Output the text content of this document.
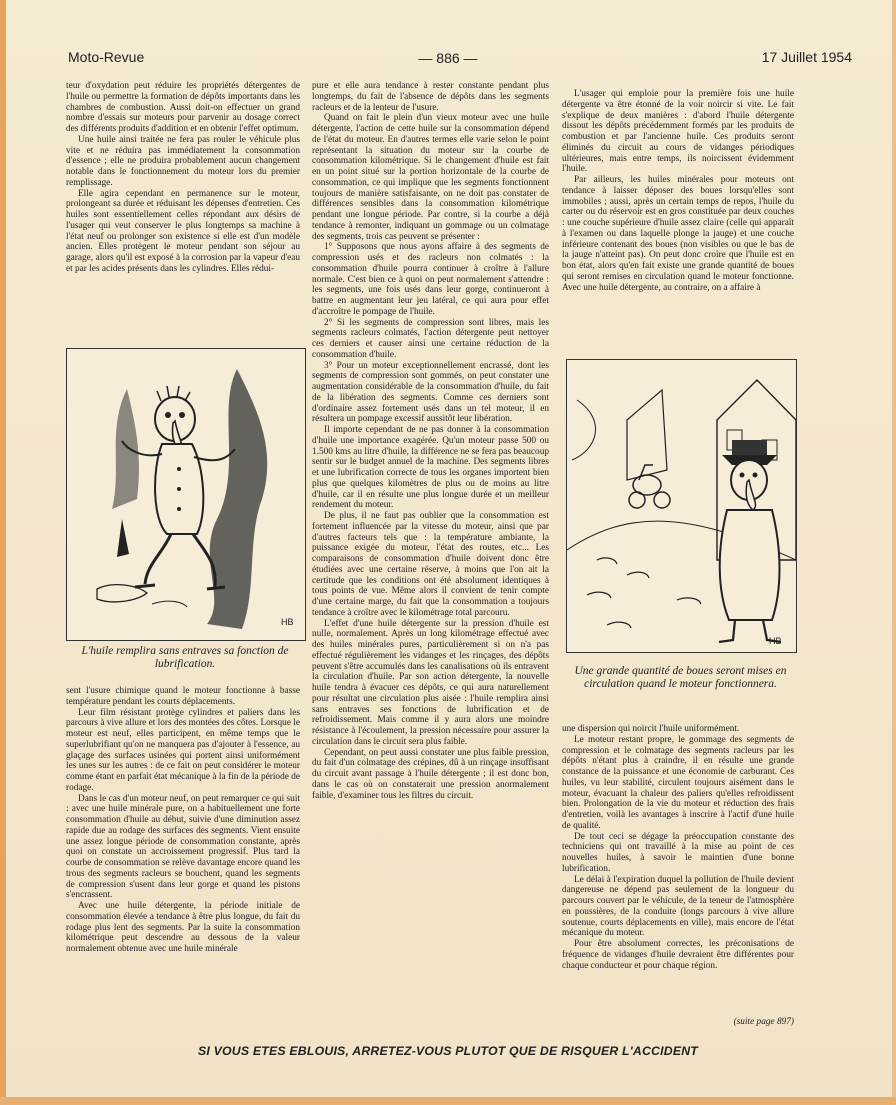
Moto-Revue	— 886 —	17 Juillet 1954

teur d'oxydation peut réduire les propriétés détergentes de l'huile ou permettre la formation de dépôts importants dans les chambres de combustion. Aussi doit-on effectuer un grand nombre d'essais sur moteurs pour parvenir au dosage correct des différents produits d'addition et en obtenir l'effet optimum.

Une huile ainsi traitée ne fera pas rouler le véhicule plus vite et ne réduira pas immédiatement la consommation d'essence ; elle ne produira probablement aucun changement notable dans le fonctionnement du moteur lors du premier remplissage.

Elle agira cependant en permanence sur le moteur, prolongeant sa durée et réduisant les dépenses d'entretien. Ces huiles sont essentiellement celles répondant aux désirs de l'usager qui veut conserver le plus longtemps sa machine à l'état neuf ou prolonger son existence si elle est d'un modèle ancien. Elles protègent le moteur pendant son séjour au garage, alors qu'il est exposé à la corrosion par la vapeur d'eau et par les acides présents dans les cylindres. Elles rédui-

HB
L'huile remplira sans entraves sa fonction de lubrification.

sent l'usure chimique quand le moteur fonctionne à basse température pendant les courts déplacements.

Leur film résistant protège cylindres et paliers dans les parcours à vive allure et lors des montées des côtes. Lorsque le moteur est neuf, elles participent, en même temps que le superlubrifiant qu'on ne manquera pas d'ajouter à l'essence, au glaçage des surfaces usinées qui portent ainsi uniformément les unes sur les autres : de ce fait on peut considérer le moteur comme étant en parfait état mécanique à la fin de la période de rodage.

Dans le cas d'un moteur neuf, on peut remarquer ce qui suit : avec une huile minérale pure, on a habituellement une forte consommation d'huile au début, suivie d'une diminution assez rapide due au rodage des surfaces des segments. Vient ensuite une assez longue période de consommation constante, après quoi on constate un accroissement progressif. Plus tard la courbe de consommation se relève davantage encore quand les trous des segments racleurs se bouchent, quand les segments de compression s'usent dans leur gorge et quand les pistons s'encrassent.

Avec une huile détergente, la période initiale de consommation élevée a tendance à être plus longue, du fait du rodage plus lent des segments. Par la suite la consommation kilométrique peut descendre au dessous de la valeur normalement obtenue avec une huile minérale

pure et elle aura tendance à rester constante pendant plus longtemps, du fait de l'absence de dépôts dans les segments racleurs et de la lenteur de l'usure.

Quand on fait le plein d'un vieux moteur avec une huile détergente, l'action de cette huile sur la consommation dépend de l'état du moteur. En d'autres termes elle varie selon le point représentant la situation du moteur sur la courbe de consommation kilométrique. Si le changement d'huile est fait en un point situé sur la portion horizontale de la courbe de consommation, ce qui implique que les segments fonctionnent toujours de manière satisfaisante, on ne doit pas constater de différences sensibles dans la consommation kilométrique pendant une longue période. Par contre, si la courbe a déjà tendance à remonter, indiquant un gommage ou un colmatage des segments, trois cas peuvent se présenter :

1° Supposons que nous ayons affaire à des segments de compression usés et des racleurs non colmatés : la consommation d'huile pourra continuer à croître à l'allure normale. C'est bien ce à quoi on peut normalement s'attendre : les segments, une fois usés dans leur gorge, continueront à battre en augmentant leur jeu latéral, ce qui aura pour effet d'accroître le pompage de l'huile.

2° Si les segments de compression sont libres, mais les segments racleurs colmatés, l'action détergente peut nettoyer ces derniers et causer ainsi une certaine réduction de la consommation d'huile.

3° Pour un moteur exceptionnellement encrassé, dont les segments de compression sont gommés, on peut constater une augmentation considérable de la consommation d'huile, du fait de la libération des segments. Comme ces derniers sont d'ordinaire assez fortement usés dans un tel moteur, il en résultera un pompage excessif aussitôt leur libération.

Il importe cependant de ne pas donner à la consommation d'huile une importance exagérée. Qu'un moteur passe 500 ou 1.500 kms au litre d'huile, la différence ne se fera pas beaucoup sentir sur le budget annuel de la machine. Des segments libres et une lubrification correcte de tous les organes importent bien plus que quelques kilomètres de plus ou de moins au litre d'huile, car il en résulte une plus longue durée et un meilleur rendement du moteur.

De plus, il ne faut pas oublier que la consommation est fortement influencée par la vitesse du moteur, ainsi que par d'autres facteurs tels que : la température ambiante, la puissance exigée du moteur, l'état des routes, etc... Les comparaisons de consommation d'huile doivent donc être étudiées avec une certaine réserve, à moins que l'on ait la certitude que les conditions ont été absolument identiques à tous points de vue. Même alors il convient de tenir compte d'une certaine marge, du fait que la consommation a toujours tendance à croître avec le kilométrage total parcouru.

L'effet d'une huile détergente sur la pression d'huile est nulle, normalement. Après un long kilométrage effectué avec des huiles minérales pures, particulièrement si on n'a pas effectué régulièrement les vidanges et les rinçages, des dépôts peuvent s'être accumulés dans les canalisations où ils entravent la circulation d'huile. Par son action détergente, la nouvelle huile tendra à évacuer ces dépôts, ce qui aura naturellement pour résultat une circulation plus aisée : l'huile remplira ainsi sans entraves ses fonctions de lubrification et de refroidissement. Mais comme il y aura alors une moindre résistance à l'écoulement, la pression nécessaire pour assurer la circulation dans le circuit sera plus faible.

Cependant, on peut aussi constater une plus faible pression, du fait d'un colmatage des crépines, dû à un rinçage insuffisant du circuit avant passage à l'huile détergente ; il est donc bon, dans le cas où on constaterait une pression anormalement faible, d'examiner tous les filtres du circuit.

L'usager qui emploie pour la première fois une huile détergente va être étonné de la voir noircir si vite. Le fait s'explique de deux manières : d'abord l'huile détergente dissout les dépôts précédemment formés par les produits de combustion et par l'ancienne huile. Ces produits seront éliminés du circuit au cours de vidanges périodiques ultérieures, mais entre temps, ils noircissent évidemment l'huile.

Par ailleurs, les huiles minérales pour moteurs ont tendance à laisser déposer des boues lorsqu'elles sont immobiles ; aussi, après un certain temps de repos, l'huile du carter ou du réservoir est en gros constituée par deux couches : une couche supérieure d'huile assez claire (celle qui apparaît à l'examen ou dans laquelle plonge la jauge) et une couche inférieure contenant des boues (non visibles ou que le bas de la jauge n'atteint pas). On peut donc croire que l'huile est en bon état, alors qu'en fait existe une grande quantité de boues qui seront remises en circulation quand le moteur fonctionne. Avec une huile détergente, au contraire, on a affaire à

HB
Une grande quantité de boues seront mises en circulation quand le moteur fonctionnera.

une dispersion qui noircit l'huile uniformément.

Le moteur restant propre, le gommage des segments de compression et le colmatage des segments racleurs par les dépôts n'étant plus à craindre, il en résulte une grande constance de la puissance et une économie de carburant. Ces huiles, vu leur stabilité, circulent toujours aisément dans le moteur, évacuant la chaleur des paliers qu'elles refroidissent bien. Prolongation de la vie du moteur et réduction des frais d'entretien, voilà les avantages à inscrire à l'actif d'une huile de qualité.

De tout ceci se dégage la préoccupation constante des techniciens qui ont travaillé à la mise au point de ces nouvelles huiles, à savoir le maintien d'une bonne lubrification.

Le délai à l'expiration duquel la pollution de l'huile devient dangereuse ne dépend pas seulement de la longueur du parcours couvert par le véhicule, de la teneur de l'atmosphère en poussières, de la conduite (longs parcours à vive allure soutenue, courts déplacements en ville), mais encore de l'état mécanique du moteur.

Pour être absolument correctes, les préconisations de fréquence de vidanges d'huile devraient être différentes pour chaque conducteur et pour chaque région.

(suite page 897)
SI VOUS ETES EBLOUIS, ARRETEZ-VOUS PLUTOT QUE DE RISQUER L'ACCIDENT
